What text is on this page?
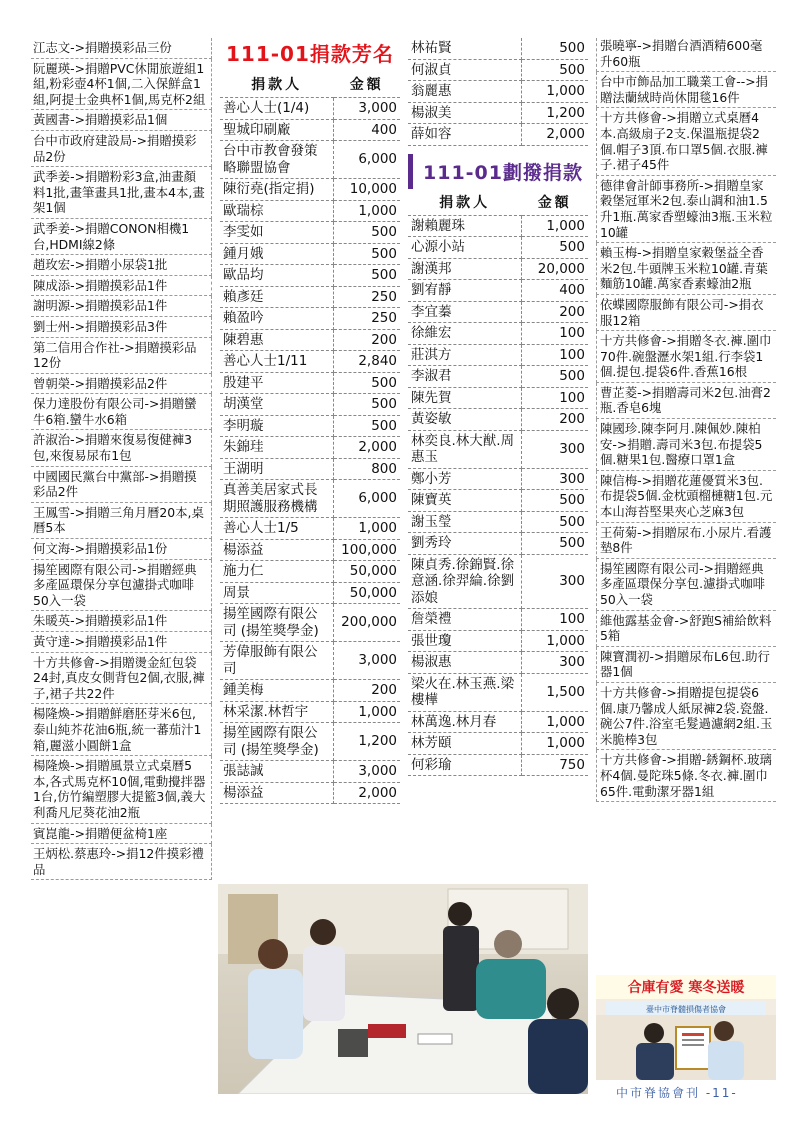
江志文->捐贈摸彩品三份
阮麗瑛->捐贈PVC休閒旅遊組1組,粉彩壺4杯1個,二入保鮮盒1組,阿提士金典杯1個,馬克杯2組
黃國書->捐贈摸彩品1個
台中市政府建設局->捐贈摸彩品2份
武季姜->捐贈粉彩3盒,油畫顏料1批,畫筆畫具1批,畫本4本,畫架1個
武季姜->捐贈CONON相機1台,HDMI線2條
趙玫宏->捐贈小尿袋1批
陳成添->捐贈摸彩品1件
謝明源->捐贈摸彩品1件
劉士州->捐贈摸彩品3件
第二信用合作社->捐贈摸彩品12份
曾朝榮->捐贈摸彩品2件
保力達股份有限公司->捐贈蠻牛6箱.蠻牛水6箱
許淑治->捐贈來復易復健褲3包,來復易尿布1包
中國國民黨台中黨部->捐贈摸彩品2件
王鳳雪->捐贈三角月曆20本,桌曆5本
何文海->捐贈摸彩品1份
揚笙國際有限公司->捐贈經典多產區環保分享包濾掛式咖啡50入一袋
朱暖英->捐贈摸彩品1件
黃守達->捐贈摸彩品1件
十方共修會->捐贈燙金紅包袋24封,真皮女側背包2個,衣服,褲子,裙子共22件
楊隆煥->捐贈鮮磨胚芽米6包,泰山純芥花油6瓶,統一蕃茄汁1箱,麗滋小圓餅1盒
楊隆煥->捐贈風景立式桌曆5本,各式馬克杯10個,電動攪拌器1台,仿竹編塑膠大提籃3個,義大利喬凡尼葵花油2瓶
賓崑龍->捐贈便盆椅1座
王炳松.蔡惠玲->捐12件摸彩禮品
111-01捐款芳名
捐款人	金額
善心人士(1/4)	3,000
聖城印刷廠	400
台中市教會發策略聯盟協會	6,000
陳衍堯(指定捐)	10,000
歐瑞棕	1,000
李雯如	500
鍾月娥	500
歐品均	500
賴彥廷	250
賴盈吟	250
陳碧惠	200
善心人士1/11	2,840
殷建平	500
胡漢堂	500
李明璇	500
朱錦珪	2,000
王湖明	800
真善美居家式長期照護服務機構	6,000
善心人士1/5	1,000
楊添益	100,000
施力仁	50,000
周景	50,000
揚笙國際有限公司 (揚笙獎學金)	200,000
芳偉服飾有限公司	3,000
鍾美梅	200
林采潔.林哲宇	1,000
揚笙國際有限公司 (揚笙獎學金)	1,200
張誌誠	3,000
楊添益	2,000
林祐賢	500
何淑貞	500
翁麗惠	1,000
楊淑美	1,200
薛如容	2,000
111-01劃撥捐款
捐款人	金額
謝賴麗珠	1,000
心源小站	500
謝漢邦	20,000
劉宥靜	400
李宜蓁	200
徐維宏	100
莊淇方	100
李淑君	500
陳先賀	100
黃姿敏	200
林奕良.林大猷.周惠玉	300
鄭小芳	300
陳寶英	500
謝玉瑩	500
劉秀玲	500
陳貞秀.徐錦賢.徐意涵.徐羿綸.徐劉添娘	300
詹榮禮	100
張世瓊	1,000
楊淑惠	300
梁火在.林玉燕.梁樓樺	1,500
林萬逸.林月春	1,000
林芳頤	1,000
何彩瑜	750
張曉寧->捐贈台酒酒精600毫升60瓶
台中市飾品加工職業工會-->捐贈法蘭絨時尚休閒毯16件
十方共修會->捐贈立式桌曆4本.高級扇子2支.保溫瓶提袋2個.帽子3頂.布口罩5個.衣服.褲子.裙子45件
德律會計師事務所->捐贈皇家穀堡冠軍米2包.泰山調和油1.5升1瓶.萬家香塑蠔油3瓶.玉米粒10罐
賴玉梅->捐贈皇家穀堡益全香米2包.牛頭牌玉米粒10罐.青葉麵筋10罐.萬家香素蠔油2瓶
依蝶國際服飾有限公司->捐衣服12箱
十方共修會->捐贈冬衣.褲.圍巾70件.碗盤瀝水架1組.行李袋1個.提包.提袋6件.香蕉16根
曹芷菱->捐贈壽司米2包.油膏2瓶.香皂6塊
陳國珍.陳李阿月.陳佩妙.陳柏安->捐贈.壽司米3包.布提袋5個.糖果1包.醫療口罩1盒
陳信梅->捐贈花蓮優質米3包.布提袋5個.金枕頭榴槤糖1包.元本山海苔堅果夾心芝麻3包
王荷菊->捐贈尿布.小尿片.看護墊8件
揚笙國際有限公司->捐贈經典多產區環保分享包.濾掛式咖啡50入一袋
維他露基金會->舒跑S補給飲料5箱
陳寶潤初->捐贈尿布L6包.助行器1個
十方共修會->捐贈提包提袋6個.康乃馨成人紙尿褲2袋.瓷盤.碗公7件.浴室毛髮過濾網2組.玉米脆棒3包
十方共修會->捐贈-銹鋼杯.玻璃杯4個.曼陀珠5條.冬衣.褲.圍巾65件.電動潔牙器1組
合庫有愛 寒冬送暖
臺中市脊髓損傷者協會
中市脊協會刊 -11-
